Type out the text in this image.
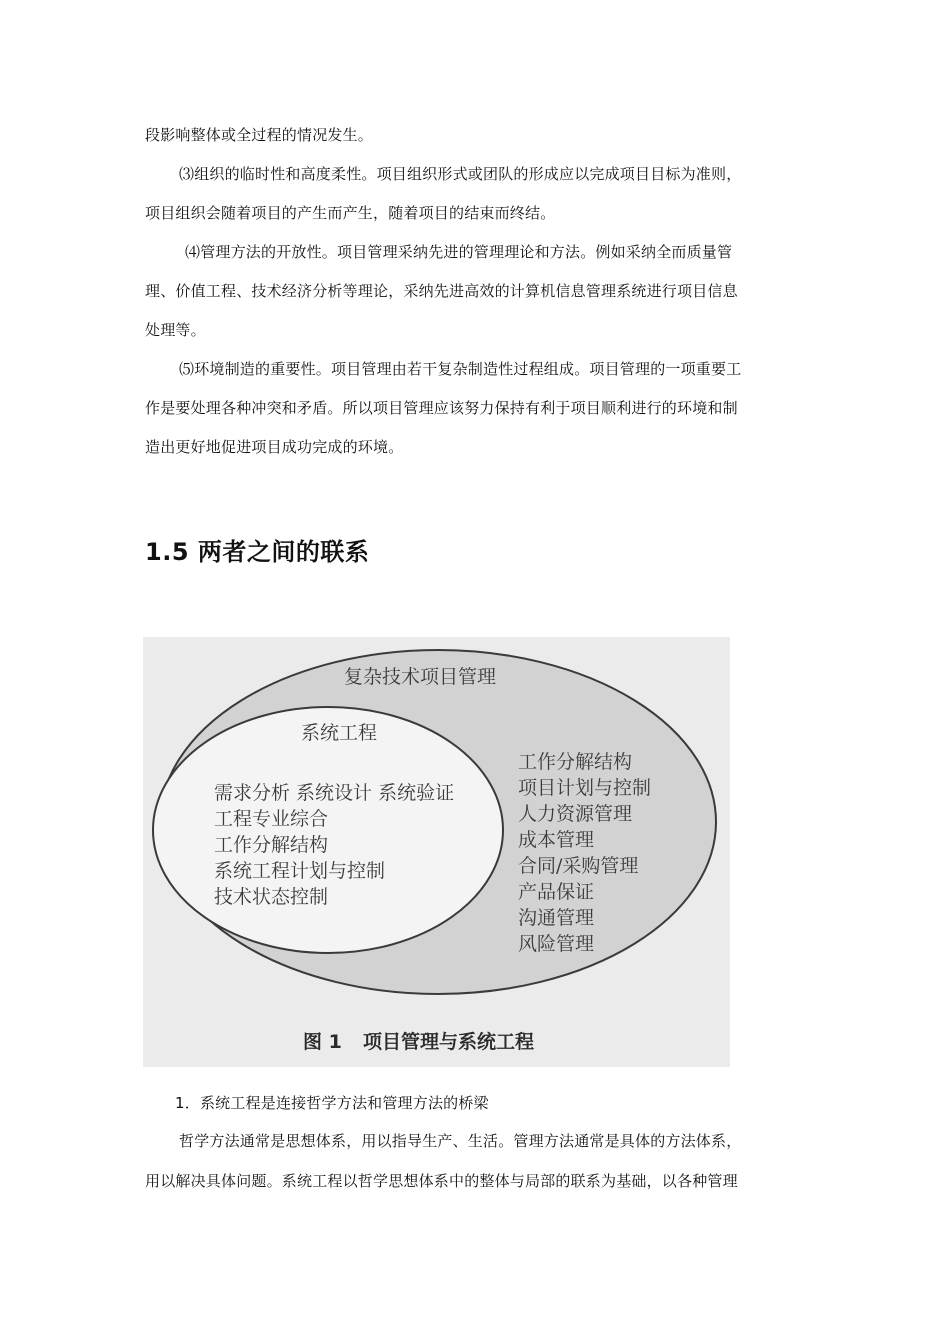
段影响整体或全过程的情况发生。
⑶组织的临时性和高度柔性。项目组织形式或团队的形成应以完成项目目标为准则，
项目组织会随着项目的产生而产生，随着项目的结束而终结。
⑷管理方法的开放性。项目管理采纳先进的管理理论和方法。例如采纳全而质量管
理、价值工程、技术经济分析等理论，采纳先进高效的计算机信息管理系统进行项目信息
处理等。
⑸环境制造的重要性。项目管理由若干复杂制造性过程组成。项目管理的一项重要工
作是要处理各种冲突和矛盾。所以项目管理应该努力保持有利于项目顺利进行的环境和制
造出更好地促进项目成功完成的环境。
1.5 两者之间的联系
复杂技术项目管理
系统工程
需求分析 系统设计 系统验证
工程专业综合
工作分解结构
系统工程计划与控制
技术状态控制
工作分解结构
项目计划与控制
人力资源管理
成本管理
合同/采购管理
产品保证
沟通管理
风险管理
图 1 项目管理与系统工程
1．系统工程是连接哲学方法和管理方法的桥梁
哲学方法通常是思想体系，用以指导生产、生活。管理方法通常是具体的方法体系，
用以解决具体问题。系统工程以哲学思想体系中的整体与局部的联系为基础，以各种管理
